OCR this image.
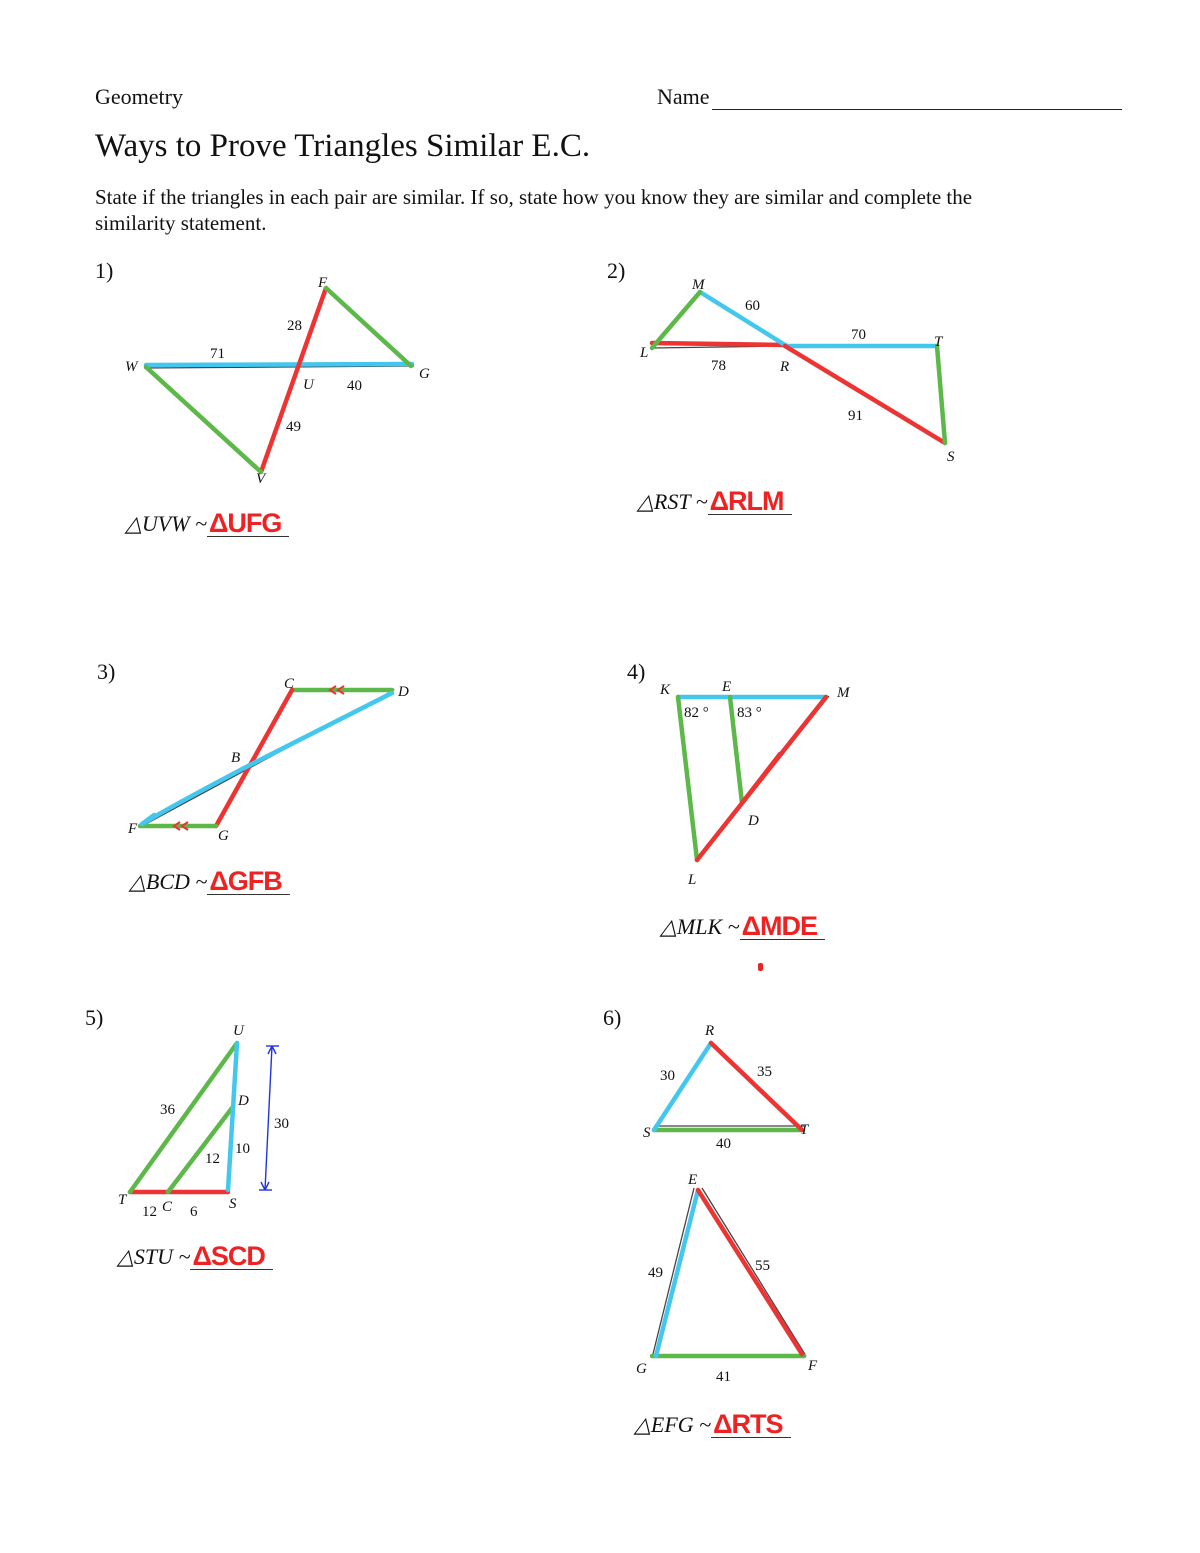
Geometry	Name
Ways to Prove Triangles Similar E.C.
State if the triangles in each pair are similar. If so, state how you know they are similar and complete the similarity statement.
1)	2)
3)	4)
5)	6)
F
W
U
G
V
28
71
40
49
M
L
R
T
S
60
70
78
91
C	D
B
F	G
K	E	M
D
L
82 ° 83 °
U
D
T C	S
36
30
12
10
12 6
R
S	T
30	35
40
E
G	F
49	55
41
△UVW ~ ΔUFG
△RST ~ ΔRLM
△BCD ~ ΔGFB
△MLK ~ ΔMDE
△STU ~ ΔSCD
△EFG ~ ΔRTS
